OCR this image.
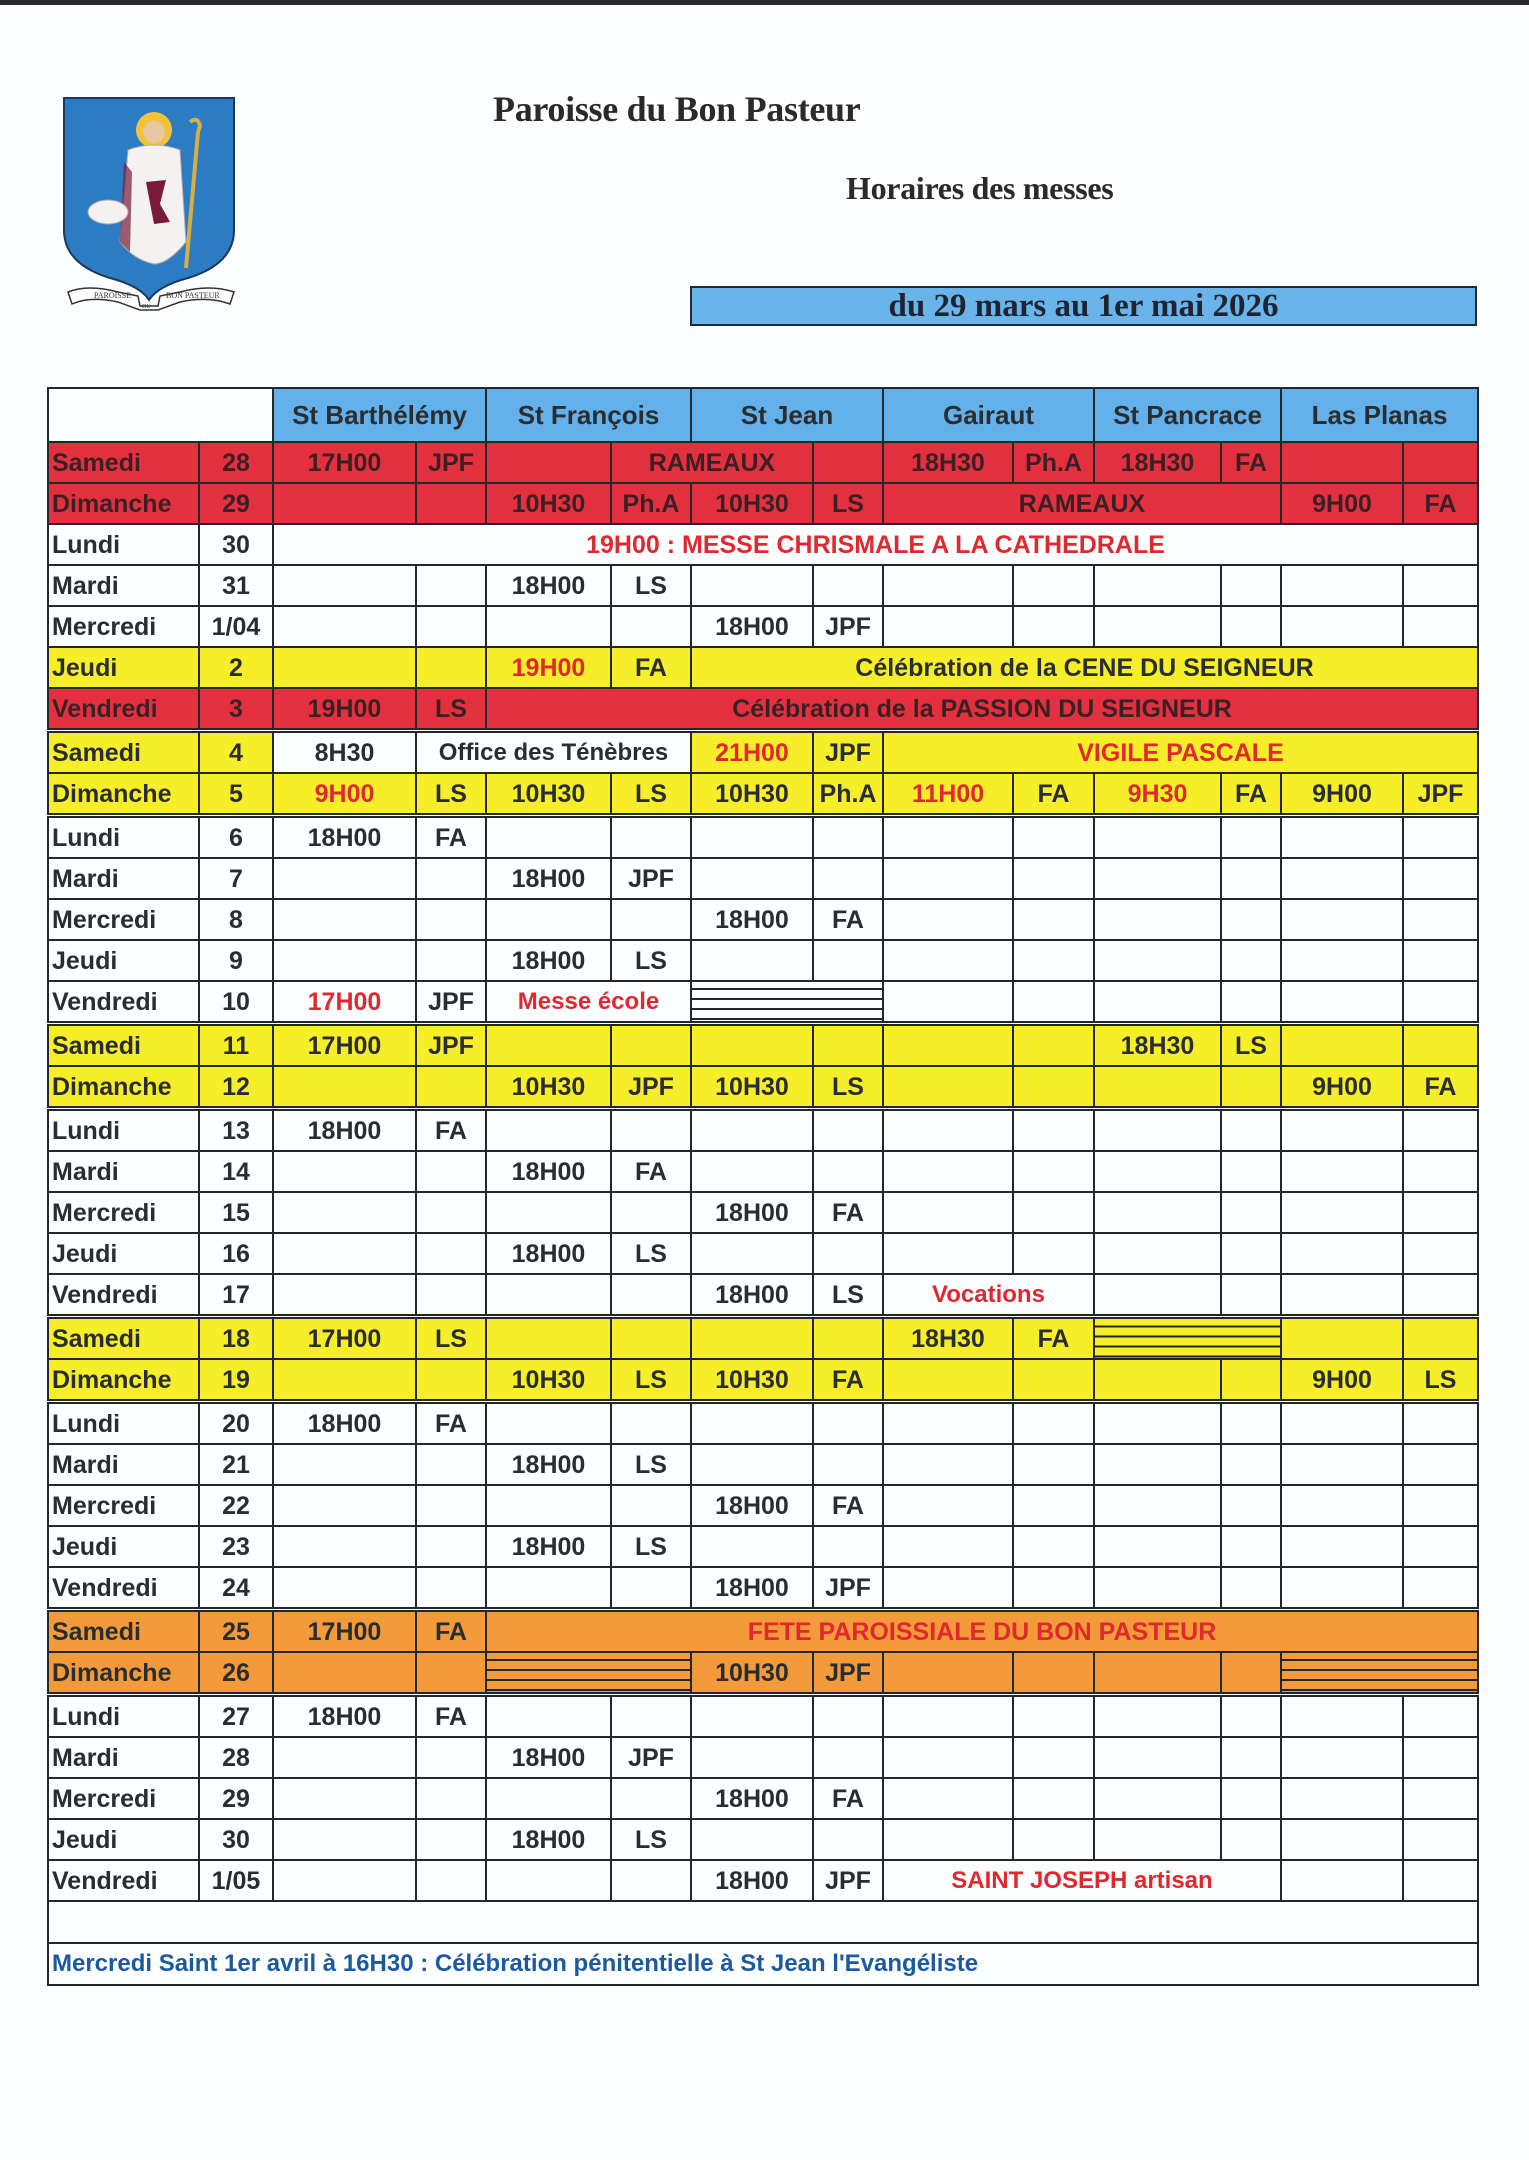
PAROISSE
DU
BON PASTEUR
Paroisse du Bon Pasteur
Horaires des messes
du 29 mars au 1er mai 2026
		St Barthélémy		St François		St Jean		Gairaut		St Pancrace		Las Planas	
Samedi	28	17H00	JPF		RAMEAUX			18H30	Ph.A	18H30	FA		
Dimanche	29			10H30	Ph.A	10H30	LS	RAMEAUX				9H00	FA
Lundi	30	19H00 : MESSE CHRISMALE A LA CATHEDRALE											
Mardi	31			18H00	LS								
Mercredi	1/04					18H00	JPF						
Jeudi	2			19H00	FA	Célébration de la CENE DU SEIGNEUR							
Vendredi	3	19H00	LS	Célébration de la PASSION DU SEIGNEUR									
Samedi	4	8H30	Office des Ténèbres			21H00	JPF	VIGILE PASCALE					
Dimanche	5	9H00	LS	10H30	LS	10H30	Ph.A	11H00	FA	9H30	FA	9H00	JPF
Lundi	6	18H00	FA										
Mardi	7			18H00	JPF								
Mercredi	8					18H00	FA						
Jeudi	9			18H00	LS								
Vendredi	10	17H00	JPF	Messe école									
Samedi	11	17H00	JPF							18H30	LS		
Dimanche	12			10H30	JPF	10H30	LS					9H00	FA
Lundi	13	18H00	FA										
Mardi	14			18H00	FA								
Mercredi	15					18H00	FA						
Jeudi	16			18H00	LS								
Vendredi	17					18H00	LS	Vocations					
Samedi	18	17H00	LS					18H30	FA				
Dimanche	19			10H30	LS	10H30	FA					9H00	LS
Lundi	20	18H00	FA										
Mardi	21			18H00	LS								
Mercredi	22					18H00	FA						
Jeudi	23			18H00	LS								
Vendredi	24					18H00	JPF						
Samedi	25	17H00	FA	FETE PAROISSIALE DU BON PASTEUR									
Dimanche	26					10H30	JPF						
Lundi	27	18H00	FA										
Mardi	28			18H00	JPF								
Mercredi	29					18H00	FA						
Jeudi	30			18H00	LS								
Vendredi	1/05					18H00	JPF	SAINT JOSEPH artisan					

Mercredi Saint 1er avril à 16H30 : Célébration pénitentielle à St Jean l'Evangéliste													
